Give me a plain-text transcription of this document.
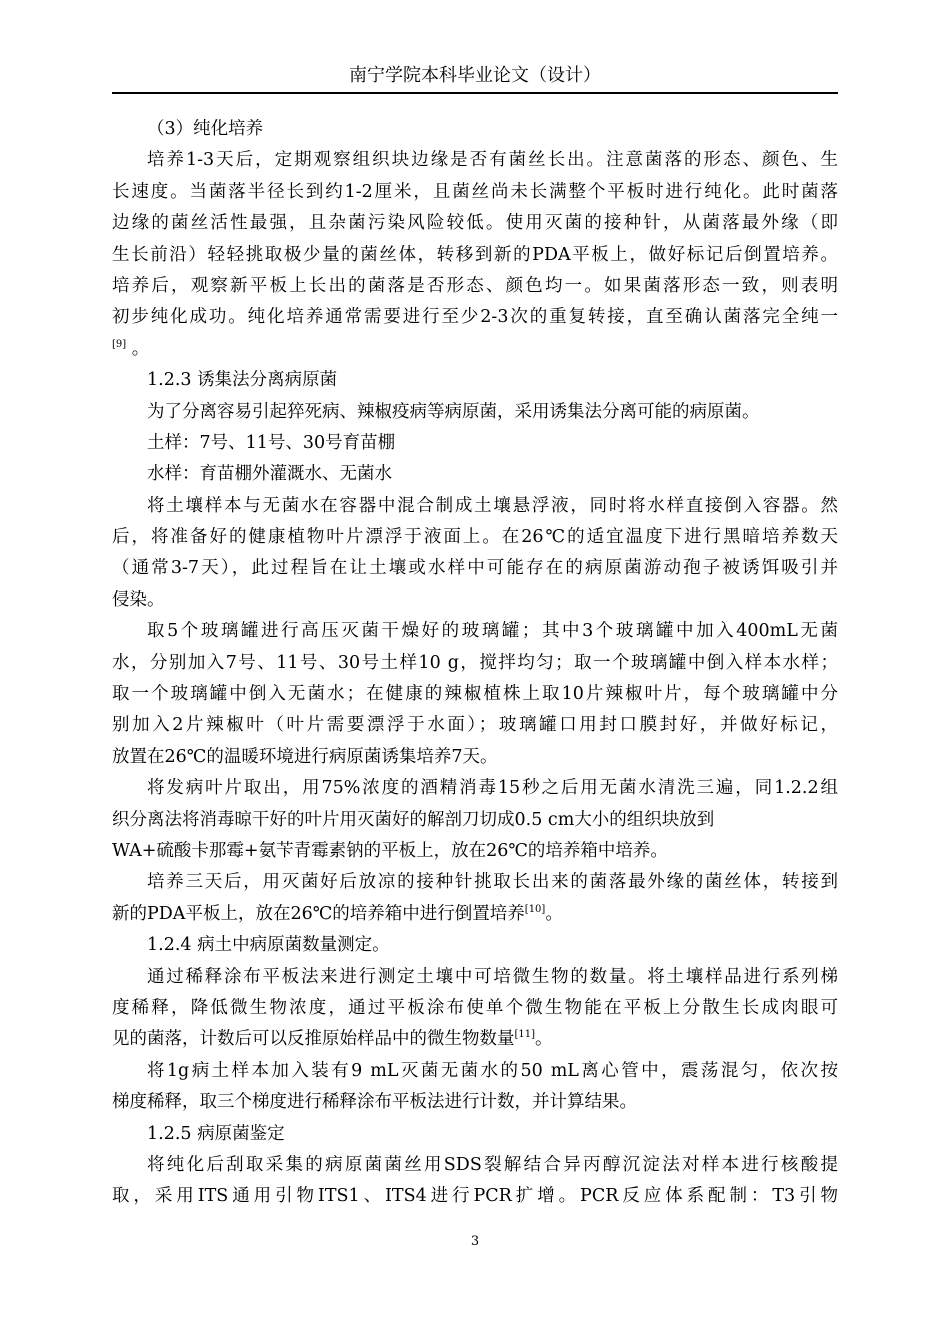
南宁学院本科毕业论文（设计）
（3）纯化培养
培养1-3天后，定期观察组织块边缘是否有菌丝长出。注意菌落的形态、颜色、生
长速度。当菌落半径长到约1-2厘米，且菌丝尚未长满整个平板时进行纯化。此时菌落
边缘的菌丝活性最强，且杂菌污染风险较低。使用灭菌的接种针，从菌落最外缘（即
生长前沿）轻轻挑取极少量的菌丝体，转移到新的PDA平板上，做好标记后倒置培养。
培养后，观察新平板上长出的菌落是否形态、颜色均一。如果菌落形态一致，则表明
初步纯化成功。纯化培养通常需要进行至少2-3次的重复转接，直至确认菌落完全纯一
[9] 。
1.2.3 诱集法分离病原菌
为了分离容易引起猝死病、辣椒疫病等病原菌，采用诱集法分离可能的病原菌。
土样：7号、11号、30号育苗棚
水样：育苗棚外灌溉水、无菌水
将土壤样本与无菌水在容器中混合制成土壤悬浮液，同时将水样直接倒入容器。然
后，将准备好的健康植物叶片漂浮于液面上。在26℃的适宜温度下进行黑暗培养数天
（通常3-7天），此过程旨在让土壤或水样中可能存在的病原菌游动孢子被诱饵吸引并
侵染。
取5个玻璃罐进行高压灭菌干燥好的玻璃罐；其中3个玻璃罐中加入400mL无菌
水，分别加入7号、11号、30号土样10 g，搅拌均匀；取一个玻璃罐中倒入样本水样；
取一个玻璃罐中倒入无菌水；在健康的辣椒植株上取10片辣椒叶片，每个玻璃罐中分
别加入2片辣椒叶（叶片需要漂浮于水面）；玻璃罐口用封口膜封好，并做好标记，
放置在26℃的温暖环境进行病原菌诱集培养7天。
将发病叶片取出，用75%浓度的酒精消毒15秒之后用无菌水清洗三遍，同1.2.2组
织分离法将消毒晾干好的叶片用灭菌好的解剖刀切成0.5 cm大小的组织块放到
WA+硫酸卡那霉+氨苄青霉素钠的平板上，放在26℃的培养箱中培养。
培养三天后，用灭菌好后放凉的接种针挑取长出来的菌落最外缘的菌丝体，转接到
新的PDA平板上，放在26℃的培养箱中进行倒置培养[10]。
1.2.4 病土中病原菌数量测定。
通过稀释涂布平板法来进行测定土壤中可培微生物的数量。将土壤样品进行系列梯
度稀释，降低微生物浓度，通过平板涂布使单个微生物能在平板上分散生长成肉眼可
见的菌落，计数后可以反推原始样品中的微生物数量[11]。
将1g病土样本加入装有9 mL灭菌无菌水的50 mL离心管中，震荡混匀，依次按
梯度稀释，取三个梯度进行稀释涂布平板法进行计数，并计算结果。
1.2.5 病原菌鉴定
将纯化后刮取采集的病原菌菌丝用SDS裂解结合异丙醇沉淀法对样本进行核酸提
取，采用ITS通用引物ITS1、ITS4进行PCR扩增。PCR反应体系配制：T3引物
3
